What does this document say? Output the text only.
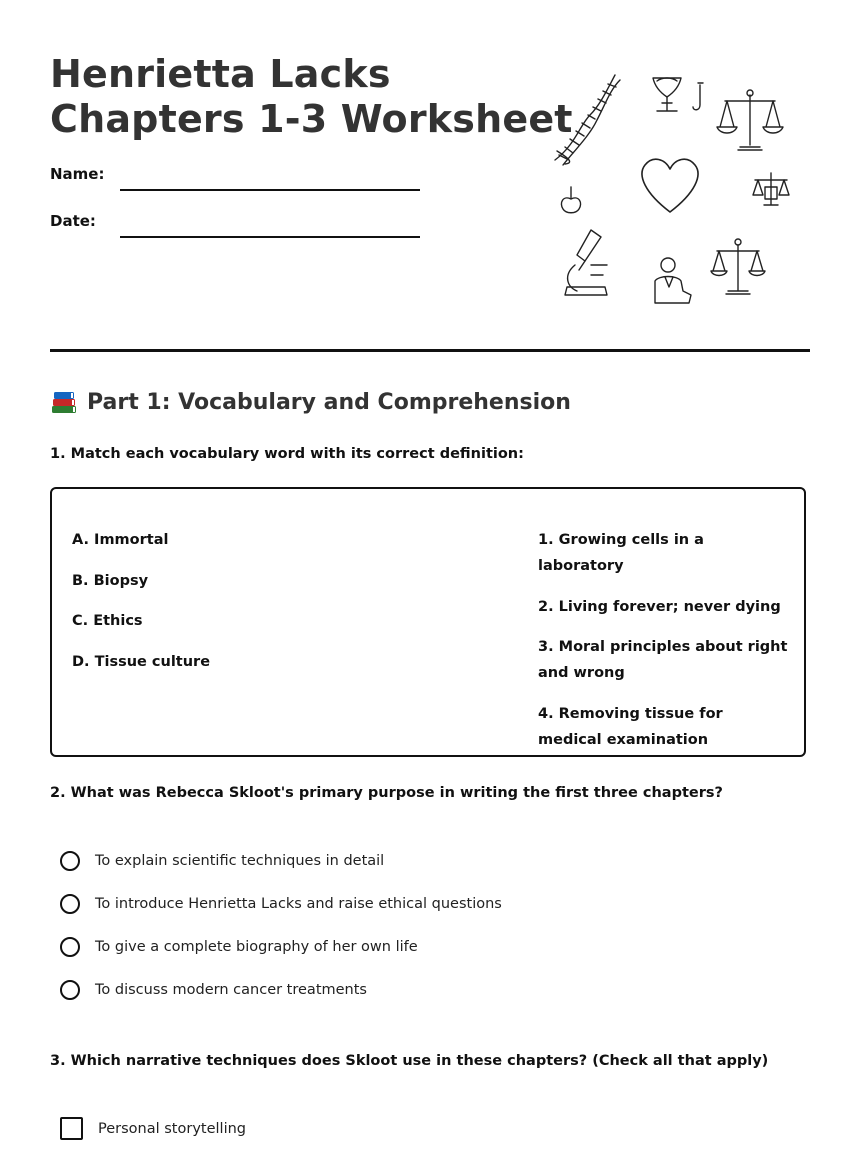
Henrietta Lacks
Chapters 1-3 Worksheet
Name:
Date:
Part 1: Vocabulary and Comprehension

1. Match each vocabulary word with its correct definition:

A. Immortal
B. Biopsy
C. Ethics
D. Tissue culture
1. Growing cells in a laboratory
2. Living forever; never dying
3. Moral principles about right and wrong
4. Removing tissue for medical examination

2. What was Rebecca Skloot's primary purpose in writing the first three chapters?

To explain scientific techniques in detail
To introduce Henrietta Lacks and raise ethical questions
To give a complete biography of her own life
To discuss modern cancer treatments

3. Which narrative techniques does Skloot use in these chapters? (Check all that apply)

Personal storytelling
